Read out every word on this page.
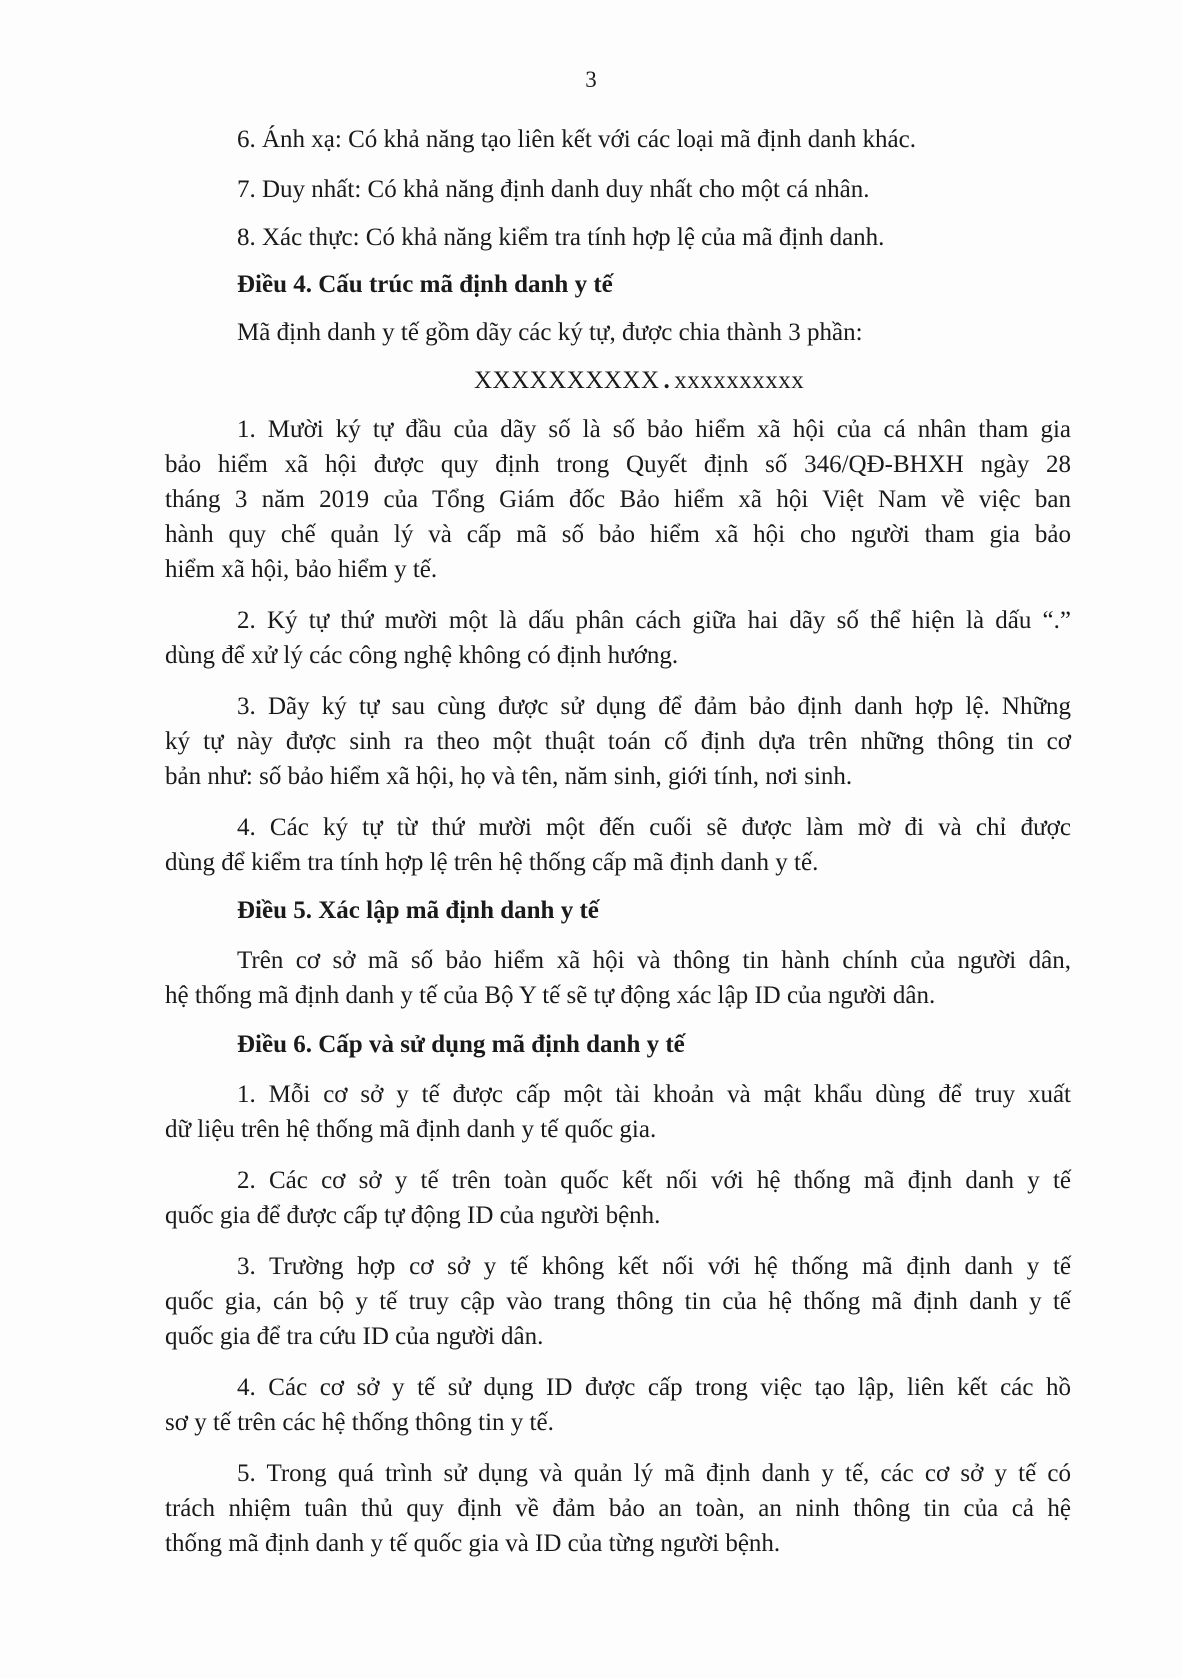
3

6. Ánh xạ: Có khả năng tạo liên kết với các loại mã định danh khác.

7. Duy nhất: Có khả năng định danh duy nhất cho một cá nhân.

8. Xác thực: Có khả năng kiểm tra tính hợp lệ của mã định danh.

Điều 4. Cấu trúc mã định danh y tế

Mã định danh y tế gồm dãy các ký tự, được chia thành 3 phần:

XXXXXXXXXX . xxxxxxxxxx

1. Mười ký tự đầu của dãy số là số bảo hiểm xã hội của cá nhân tham gia

bảo hiểm xã hội được quy định trong Quyết định số 346/QĐ-BHXH ngày 28

tháng 3 năm 2019 của Tổng Giám đốc Bảo hiểm xã hội Việt Nam về việc ban

hành quy chế quản lý và cấp mã số bảo hiểm xã hội cho người tham gia bảo

hiểm xã hội, bảo hiểm y tế.

2. Ký tự thứ mười một là dấu phân cách giữa hai dãy số thể hiện là dấu “.”

dùng để xử lý các công nghệ không có định hướng.

3. Dãy ký tự sau cùng được sử dụng để đảm bảo định danh hợp lệ. Những

ký tự này được sinh ra theo một thuật toán cố định dựa trên những thông tin cơ

bản như: số bảo hiểm xã hội, họ và tên, năm sinh, giới tính, nơi sinh.

4. Các ký tự từ thứ mười một đến cuối sẽ được làm mờ đi và chỉ được

dùng để kiểm tra tính hợp lệ trên hệ thống cấp mã định danh y tế.

Điều 5. Xác lập mã định danh y tế

Trên cơ sở mã số bảo hiểm xã hội và thông tin hành chính của người dân,

hệ thống mã định danh y tế của Bộ Y tế sẽ tự động xác lập ID của người dân.

Điều 6. Cấp và sử dụng mã định danh y tế

1. Mỗi cơ sở y tế được cấp một tài khoản và mật khẩu dùng để truy xuất

dữ liệu trên hệ thống mã định danh y tế quốc gia.

2. Các cơ sở y tế trên toàn quốc kết nối với hệ thống mã định danh y tế

quốc gia để được cấp tự động ID của người bệnh.

3. Trường hợp cơ sở y tế không kết nối với hệ thống mã định danh y tế

quốc gia, cán bộ y tế truy cập vào trang thông tin của hệ thống mã định danh y tế

quốc gia để tra cứu ID của người dân.

4. Các cơ sở y tế sử dụng ID được cấp trong việc tạo lập, liên kết các hồ

sơ y tế trên các hệ thống thông tin y tế.

5. Trong quá trình sử dụng và quản lý mã định danh y tế, các cơ sở y tế có

trách nhiệm tuân thủ quy định về đảm bảo an toàn, an ninh thông tin của cả hệ

thống mã định danh y tế quốc gia và ID của từng người bệnh.
